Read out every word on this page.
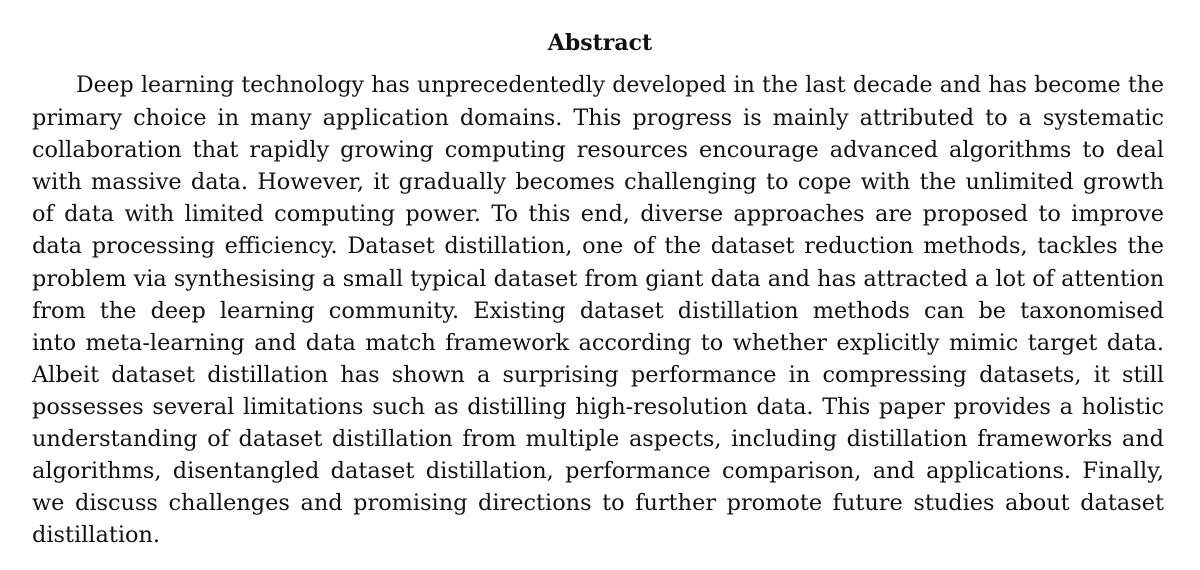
Abstract
Deep learning technology has unprecedentedly developed in the last decade and has become the
primary choice in many application domains. This progress is mainly attributed to a systematic
collaboration that rapidly growing computing resources encourage advanced algorithms to deal
with massive data. However, it gradually becomes challenging to cope with the unlimited growth
of data with limited computing power. To this end, diverse approaches are proposed to improve
data processing efficiency. Dataset distillation, one of the dataset reduction methods, tackles the
problem via synthesising a small typical dataset from giant data and has attracted a lot of attention
from the deep learning community. Existing dataset distillation methods can be taxonomised
into meta-learning and data match framework according to whether explicitly mimic target data.
Albeit dataset distillation has shown a surprising performance in compressing datasets, it still
possesses several limitations such as distilling high-resolution data. This paper provides a holistic
understanding of dataset distillation from multiple aspects, including distillation frameworks and
algorithms, disentangled dataset distillation, performance comparison, and applications. Finally,
we discuss challenges and promising directions to further promote future studies about dataset
distillation.
